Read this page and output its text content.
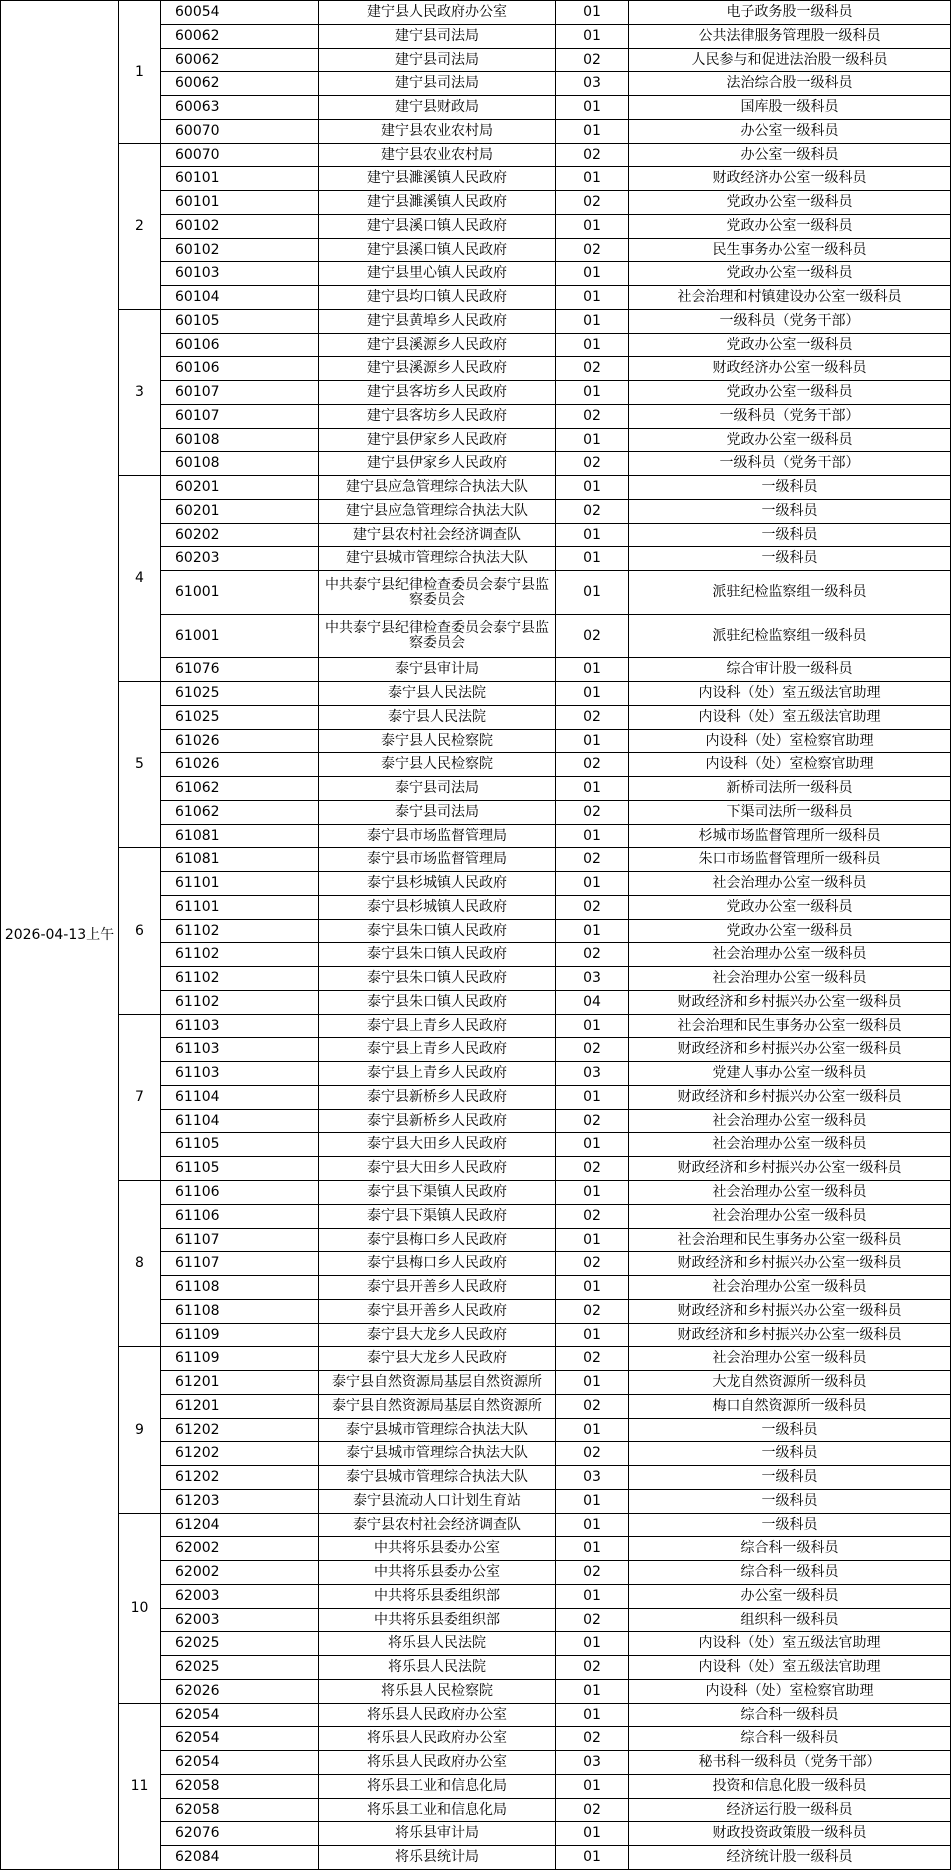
2026-04-13上午
1
60054	建宁县人民政府办公室	01	电子政务股一级科员
60062	建宁县司法局	01	公共法律服务管理股一级科员
60062	建宁县司法局	02	人民参与和促进法治股一级科员
60062	建宁县司法局	03	法治综合股一级科员
60063	建宁县财政局	01	国库股一级科员
60070	建宁县农业农村局	01	办公室一级科员
2
60070	建宁县农业农村局	02	办公室一级科员
60101	建宁县濉溪镇人民政府	01	财政经济办公室一级科员
60101	建宁县濉溪镇人民政府	02	党政办公室一级科员
60102	建宁县溪口镇人民政府	01	党政办公室一级科员
60102	建宁县溪口镇人民政府	02	民生事务办公室一级科员
60103	建宁县里心镇人民政府	01	党政办公室一级科员
60104	建宁县均口镇人民政府	01	社会治理和村镇建设办公室一级科员
3
60105	建宁县黄埠乡人民政府	01	一级科员（党务干部）
60106	建宁县溪源乡人民政府	01	党政办公室一级科员
60106	建宁县溪源乡人民政府	02	财政经济办公室一级科员
60107	建宁县客坊乡人民政府	01	党政办公室一级科员
60107	建宁县客坊乡人民政府	02	一级科员（党务干部）
60108	建宁县伊家乡人民政府	01	党政办公室一级科员
60108	建宁县伊家乡人民政府	02	一级科员（党务干部）
4
60201	建宁县应急管理综合执法大队	01	一级科员
60201	建宁县应急管理综合执法大队	02	一级科员
60202	建宁县农村社会经济调查队	01	一级科员
60203	建宁县城市管理综合执法大队	01	一级科员
61001	中共泰宁县纪律检查委员会泰宁县监察委员会	01	派驻纪检监察组一级科员
61001	中共泰宁县纪律检查委员会泰宁县监察委员会	02	派驻纪检监察组一级科员
61076	泰宁县审计局	01	综合审计股一级科员
5
61025	泰宁县人民法院	01	内设科（处）室五级法官助理
61025	泰宁县人民法院	02	内设科（处）室五级法官助理
61026	泰宁县人民检察院	01	内设科（处）室检察官助理
61026	泰宁县人民检察院	02	内设科（处）室检察官助理
61062	泰宁县司法局	01	新桥司法所一级科员
61062	泰宁县司法局	02	下渠司法所一级科员
61081	泰宁县市场监督管理局	01	杉城市场监督管理所一级科员
6
61081	泰宁县市场监督管理局	02	朱口市场监督管理所一级科员
61101	泰宁县杉城镇人民政府	01	社会治理办公室一级科员
61101	泰宁县杉城镇人民政府	02	党政办公室一级科员
61102	泰宁县朱口镇人民政府	01	党政办公室一级科员
61102	泰宁县朱口镇人民政府	02	社会治理办公室一级科员
61102	泰宁县朱口镇人民政府	03	社会治理办公室一级科员
61102	泰宁县朱口镇人民政府	04	财政经济和乡村振兴办公室一级科员
7
61103	泰宁县上青乡人民政府	01	社会治理和民生事务办公室一级科员
61103	泰宁县上青乡人民政府	02	财政经济和乡村振兴办公室一级科员
61103	泰宁县上青乡人民政府	03	党建人事办公室一级科员
61104	泰宁县新桥乡人民政府	01	财政经济和乡村振兴办公室一级科员
61104	泰宁县新桥乡人民政府	02	社会治理办公室一级科员
61105	泰宁县大田乡人民政府	01	社会治理办公室一级科员
61105	泰宁县大田乡人民政府	02	财政经济和乡村振兴办公室一级科员
8
61106	泰宁县下渠镇人民政府	01	社会治理办公室一级科员
61106	泰宁县下渠镇人民政府	02	社会治理办公室一级科员
61107	泰宁县梅口乡人民政府	01	社会治理和民生事务办公室一级科员
61107	泰宁县梅口乡人民政府	02	财政经济和乡村振兴办公室一级科员
61108	泰宁县开善乡人民政府	01	社会治理办公室一级科员
61108	泰宁县开善乡人民政府	02	财政经济和乡村振兴办公室一级科员
61109	泰宁县大龙乡人民政府	01	财政经济和乡村振兴办公室一级科员
9
61109	泰宁县大龙乡人民政府	02	社会治理办公室一级科员
61201	泰宁县自然资源局基层自然资源所	01	大龙自然资源所一级科员
61201	泰宁县自然资源局基层自然资源所	02	梅口自然资源所一级科员
61202	泰宁县城市管理综合执法大队	01	一级科员
61202	泰宁县城市管理综合执法大队	02	一级科员
61202	泰宁县城市管理综合执法大队	03	一级科员
61203	泰宁县流动人口计划生育站	01	一级科员
10
61204	泰宁县农村社会经济调查队	01	一级科员
62002	中共将乐县委办公室	01	综合科一级科员
62002	中共将乐县委办公室	02	综合科一级科员
62003	中共将乐县委组织部	01	办公室一级科员
62003	中共将乐县委组织部	02	组织科一级科员
62025	将乐县人民法院	01	内设科（处）室五级法官助理
62025	将乐县人民法院	02	内设科（处）室五级法官助理
62026	将乐县人民检察院	01	内设科（处）室检察官助理
11
62054	将乐县人民政府办公室	01	综合科一级科员
62054	将乐县人民政府办公室	02	综合科一级科员
62054	将乐县人民政府办公室	03	秘书科一级科员（党务干部）
62058	将乐县工业和信息化局	01	投资和信息化股一级科员
62058	将乐县工业和信息化局	02	经济运行股一级科员
62076	将乐县审计局	01	财政投资政策股一级科员
62084	将乐县统计局	01	经济统计股一级科员
